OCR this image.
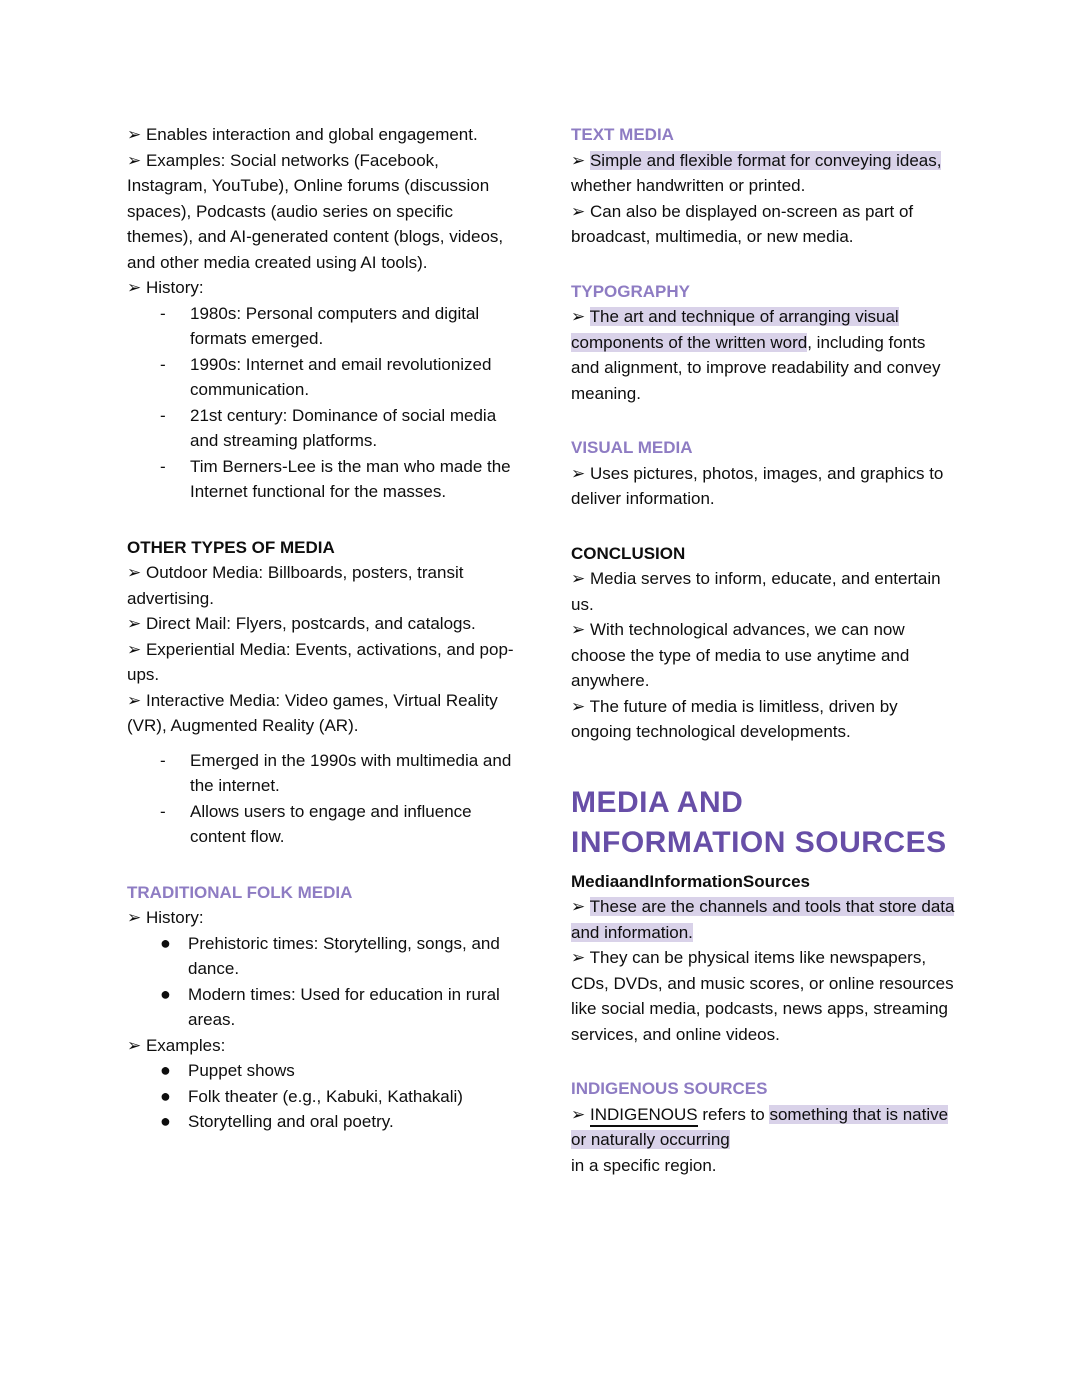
➢ Enables interaction and global engagement.
➢ Examples: Social networks (Facebook, Instagram, YouTube), Online forums (discussion spaces), Podcasts (audio series on specific themes), and AI-generated content (blogs, videos, and other media created using AI tools).
➢ History:
-	1980s: Personal computers and digital formats emerged.
-	1990s: Internet and email revolutionized communication.
-	21st century: Dominance of social media and streaming platforms.
-	Tim Berners-Lee is the man who made the Internet functional for the masses.
OTHER TYPES OF MEDIA
➢ Outdoor Media: Billboards, posters, transit advertising.
➢ Direct Mail: Flyers, postcards, and catalogs.
➢ Experiential Media: Events, activations, and pop-ups.
➢ Interactive Media: Video games, Virtual Reality (VR), Augmented Reality (AR).
-	Emerged in the 1990s with multimedia and the internet.
-	Allows users to engage and influence content flow.
TRADITIONAL FOLK MEDIA
➢ History:
●	Prehistoric times: Storytelling, songs, and dance.
●	Modern times: Used for education in rural areas.
➢ Examples:
●	Puppet shows
●	Folk theater (e.g., Kabuki, Kathakali)
●	Storytelling and oral poetry.
TEXT MEDIA
➢ Simple and flexible format for conveying ideas, whether handwritten or printed.
➢ Can also be displayed on-screen as part of broadcast, multimedia, or new media.
TYPOGRAPHY
➢ The art and technique of arranging visual components of the written word, including fonts and alignment, to improve readability and convey meaning.
VISUAL MEDIA
➢ Uses pictures, photos, images, and graphics to deliver information.
CONCLUSION
➢ Media serves to inform, educate, and entertain us.
➢ With technological advances, we can now choose the type of media to use anytime and anywhere.
➢ The future of media is limitless, driven by ongoing technological developments.
MEDIA AND INFORMATION SOURCES
MediaandInformationSources
➢ These are the channels and tools that store data and information.
➢ They can be physical items like newspapers, CDs, DVDs, and music scores, or online resources like social media, podcasts, news apps, streaming services, and online videos.
INDIGENOUS SOURCES
➢ INDIGENOUS refers to something that is native or naturally occurring
in a specific region.
